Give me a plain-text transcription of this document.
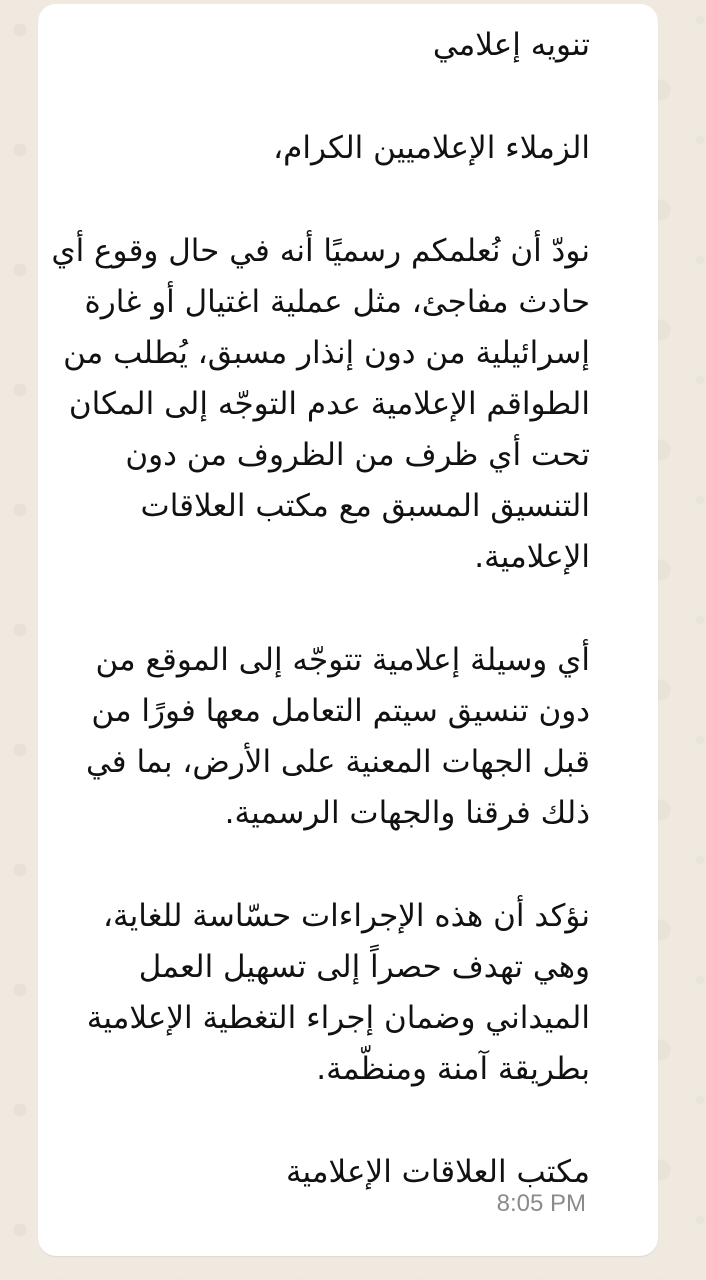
تنويه إعلامي
الزملاء الإعلاميين الكرام،
نودّ أن نُعلمكم رسميًا أنه في حال وقوع أي
حادث مفاجئ، مثل عملية اغتيال أو غارة
إسرائيلية من دون إنذار مسبق، يُطلب من
الطواقم الإعلامية عدم التوجّه إلى المكان
تحت أي ظرف من الظروف من دون
التنسيق المسبق مع مكتب العلاقات
الإعلامية.
أي وسيلة إعلامية تتوجّه إلى الموقع من
دون تنسيق سيتم التعامل معها فورًا من
قبل الجهات المعنية على الأرض، بما في
ذلك فرقنا والجهات الرسمية.
نؤكد أن هذه الإجراءات حسّاسة للغاية،
وهي تهدف حصراً إلى تسهيل العمل
الميداني وضمان إجراء التغطية الإعلامية
بطريقة آمنة ومنظّمة.
مكتب العلاقات الإعلامية
8:05 PM
